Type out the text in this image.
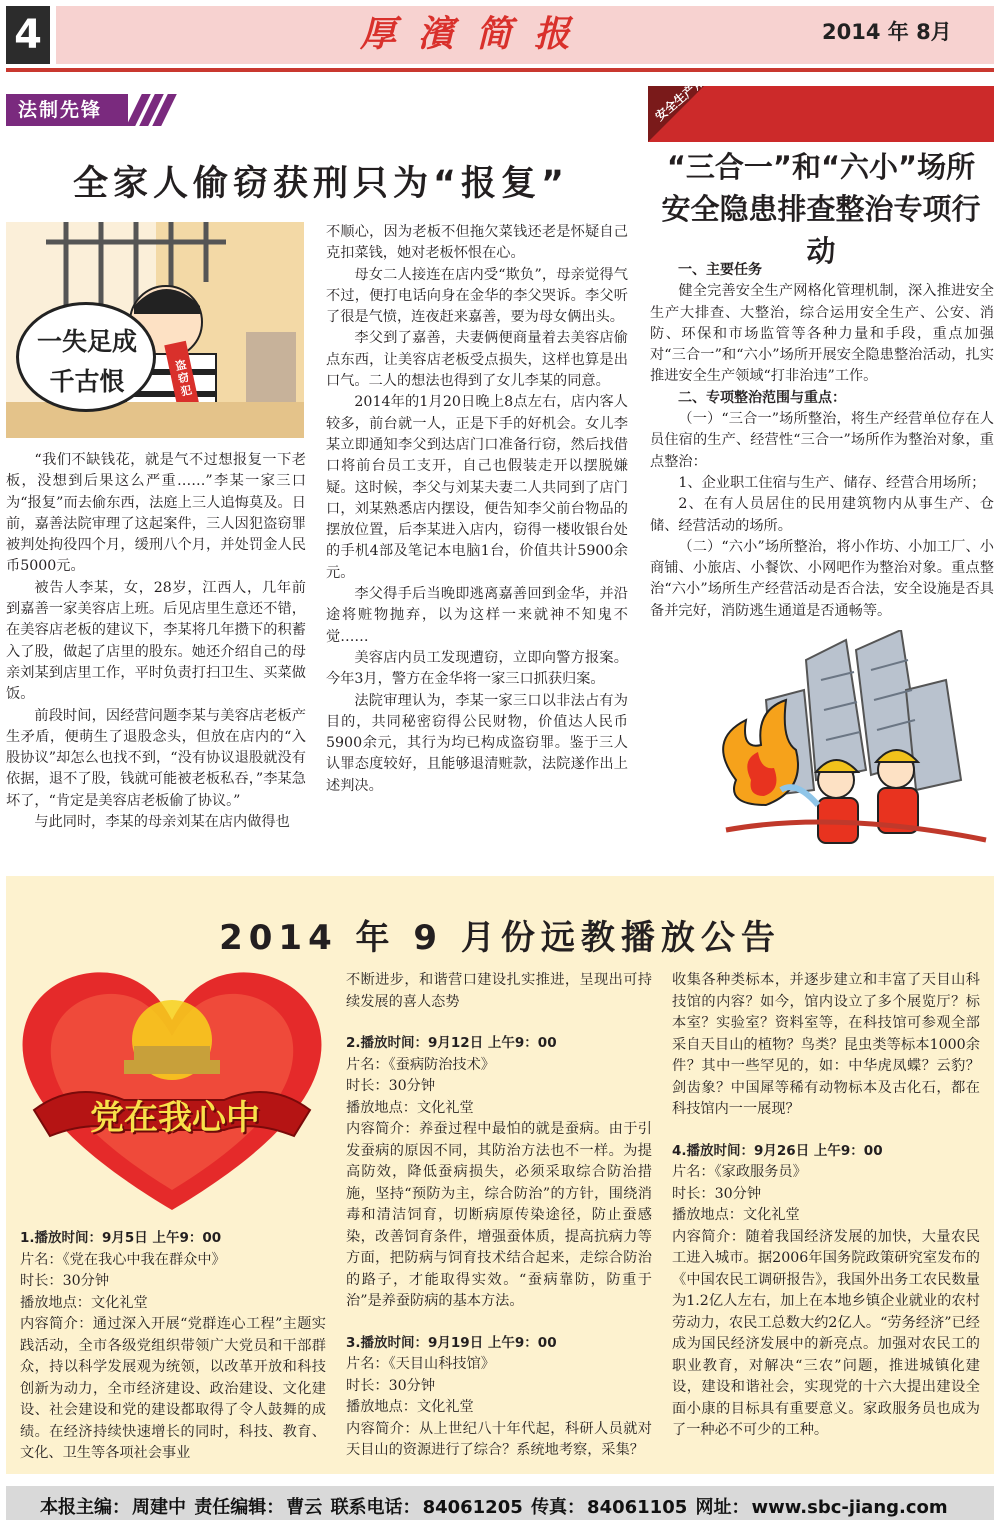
4	厚濱简报	2014 年 8月
法制先锋
全家人偷窃获刑只为“报复”
一失足成
千古恨
盗窃犯

“我们不缺钱花，就是气不过想报复一下老板，没想到后果这么严重……”李某一家三口为“报复”而去偷东西，法庭上三人追悔莫及。日前，嘉善法院审理了这起案件，三人因犯盗窃罪被判处拘役四个月，缓刑八个月，并处罚金人民币5000元。

被告人李某，女，28岁，江西人，几年前到嘉善一家美容店上班。后见店里生意还不错，在美容店老板的建议下，李某将几年攒下的积蓄入了股，做起了店里的股东。她还介绍自己的母亲刘某到店里工作，平时负责打扫卫生、买菜做饭。

前段时间，因经营问题李某与美容店老板产生矛盾，便萌生了退股念头，但放在店内的“入股协议”却怎么也找不到，“没有协议退股就没有依据，退不了股，钱就可能被老板私吞，”李某急坏了，“肯定是美容店老板偷了协议。”

与此同时，李某的母亲刘某在店内做得也

不顺心，因为老板不但拖欠菜钱还老是怀疑自己克扣菜钱，她对老板怀恨在心。

母女二人接连在店内受“欺负”，母亲觉得气不过，便打电话向身在金华的李父哭诉。李父听了很是气愤，连夜赶来嘉善，要为母女俩出头。

李父到了嘉善，夫妻俩便商量着去美容店偷点东西，让美容店老板受点损失，这样也算是出口气。二人的想法也得到了女儿李某的同意。

2014年的1月20日晚上8点左右，店内客人较多，前台就一人，正是下手的好机会。女儿李某立即通知李父到达店门口准备行窃，然后找借口将前台员工支开，自己也假装走开以摆脱嫌疑。这时候，李父与刘某夫妻二人共同到了店门口，刘某熟悉店内摆设，便告知李父前台物品的摆放位置，后李某进入店内，窃得一楼收银台处的手机4部及笔记本电脑1台，价值共计5900余元。

李父得手后当晚即逃离嘉善回到金华，并沿途将赃物抛弃，以为这样一来就神不知鬼不觉……

美容店内员工发现遭窃，立即向警方报案。今年3月，警方在金华将一家三口抓获归案。

法院审理认为，李某一家三口以非法占有为目的，共同秘密窃得公民财物，价值达人民币5900余元，其行为均已构成盗窃罪。鉴于三人认罪态度较好，且能够退清赃款，法院遂作出上述判决。

安全生产角
“三合一”和“六小”场所
安全隐患排查整治专项行动
一、主要任务

健全完善安全生产网格化管理机制，深入推进安全生产大排查、大整治，综合运用安全生产、公安、消防、环保和市场监管等各种力量和手段，重点加强对“三合一”和“六小”场所开展安全隐患整治活动，扎实推进安全生产领域“打非治违”工作。

二、专项整治范围与重点：

（一）“三合一”场所整治，将生产经营单位存在人员住宿的生产、经营性“三合一”场所作为整治对象，重点整治：

1、企业职工住宿与生产、储存、经营合用场所；

2、在有人员居住的民用建筑物内从事生产、仓储、经营活动的场所。

（二）“六小”场所整治，将小作坊、小加工厂、小商铺、小旅店、小餐饮、小网吧作为整治对象。重点整治“六小”场所生产经营活动是否合法，安全设施是否具备并完好，消防逃生通道是否通畅等。

2014 年 9 月份远教播放公告
党在我心中
1.播放时间：9月5日 上午9：00
片名：《党在我心中我在群众中》
时长：30分钟
播放地点：文化礼堂
内容简介：通过深入开展“党群连心工程”主题实践活动，全市各级党组织带领广大党员和干部群众，持以科学发展观为统领，以改革开放和科技创新为动力，全市经济建设、政治建设、文化建设、社会建设和党的建设都取得了令人鼓舞的成绩。在经济持续快速增长的同时，科技、教育、文化、卫生等各项社会事业
不断进步，和谐营口建设扎实推进，呈现出可持续发展的喜人态势
2.播放时间：9月12日 上午9：00
片名：《蚕病防治技术》
时长：30分钟
播放地点：文化礼堂
内容简介：养蚕过程中最怕的就是蚕病。由于引发蚕病的原因不同，其防治方法也不一样。为提高防效，降低蚕病损失，必须采取综合防治措施，坚持“预防为主，综合防治”的方针，围绕消毒和清洁饲育，切断病原传染途径，防止蚕感染，改善饲育条件，增强蚕体质，提高抗病力等方面，把防病与饲育技术结合起来，走综合防治的路子，才能取得实效。“蚕病靠防，防重于治”是养蚕防病的基本方法。
3.播放时间：9月19日 上午9：00
片名：《天目山科技馆》
时长：30分钟
播放地点：文化礼堂
内容简介：从上世纪八十年代起，科研人员就对天目山的资源进行了综合？系统地考察，采集？
收集各种类标本，并逐步建立和丰富了天目山科技馆的内容？如今，馆内设立了多个展览厅？标本室？实验室？资料室等，在科技馆可参观全部采自天目山的植物？鸟类？昆虫类等标本1000余件？其中一些罕见的，如：中华虎凤蝶？云豹？剑齿象？中国犀等稀有动物标本及古化石，都在科技馆内一一展现？
4.播放时间：9月26日 上午9：00
片名：《家政服务员》
时长：30分钟
播放地点：文化礼堂
内容简介：随着我国经济发展的加快，大量农民工进入城市。据2006年国务院政策研究室发布的《中国农民工调研报告》，我国外出务工农民数量为1.2亿人左右，加上在本地乡镇企业就业的农村劳动力，农民工总数大约2亿人。“劳务经济”已经成为国民经济发展中的新亮点。加强对农民工的职业教育，对解决“三农”问题，推进城镇化建设，建设和谐社会，实现党的十六大提出建设全面小康的目标具有重要意义。家政服务员也成为了一种必不可少的工种。
本报主编： 周建中 责任编辑： 曹云 联系电话： 84061205 传真： 84061105 网址： www.sbc-jiang.com
